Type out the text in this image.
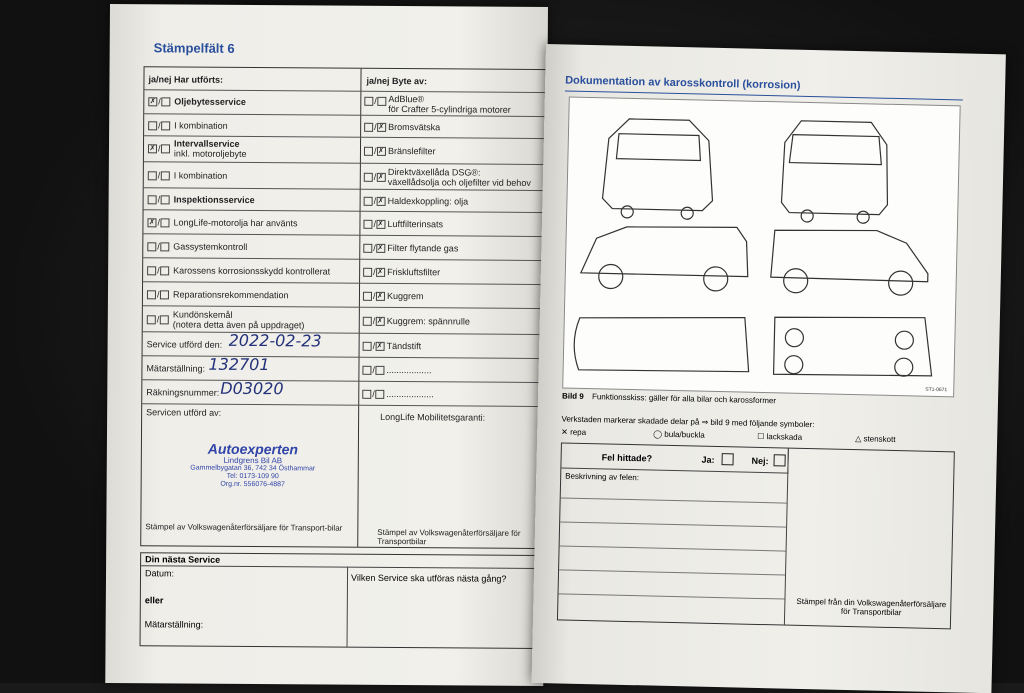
Stämpelfält 6
ja/nej Har utförts:	ja/nej Byte av:
✗ /	Oljebytesservice	/	AdBlue®
för Crafter 5-cylindriga motorer
/	I kombination	/✗ Bromsvätska
✗ /	Intervallservice
inkl. motoroljebyte	/✗ Bränslefilter
/	I kombination	/✗ Direktväxellåda DSG®:
växellådsolja och oljefilter vid behov
/	Inspektionsservice	/✗ Haldexkoppling: olja
✗ /	LongLife-motorolja har använts	/✗ Luftfilterinsats
/	Gassystemkontroll	/✗ Filter flytande gas
/	Karossens korrosionsskydd kontrollerat	/✗ Friskluftsfilter
/	Reparationsrekommendation	/✗ Kuggrem
/	Kundönskemål
(notera detta även på uppdraget)	/✗ Kuggrem: spännrulle
Service utförd den: 2022-02-23	/✗ Tändstift
Mätarställning: 132701	/	..................
Räkningsnummer: D03020	/	...................
Servicen utförd av:	LongLife Mobilitetsgaranti:
Autoexperten
Lindgrens Bil AB
Gammelbygatan 36, 742 34 Östhammar
Tel: 0173-109 90
Org.nr. 556076-4887
Stämpel av Volkswagenåterförsäljare för Transport-bilar
Stämpel av Volkswagenåterförsäljare för Transportbilar
Din nästa Service
Datum:
eller
Mätarställning:
Vilken Service ska utföras nästa gång?
Dokumentation av karosskontroll (korrosion)
ST1-0671
Bild 9 Funktionsskiss: gäller för alla bilar och karossformer
Verkstaden markerar skadade delar på ⇒ bild 9 med följande symboler:
✕ repa	◯ bula/buckla	☐ lackskada	△ stenskott
Fel hittade?	Ja:	Nej:
Beskrivning av felen:
Stämpel från din Volkswagenåterförsäljare för Transportbilar
